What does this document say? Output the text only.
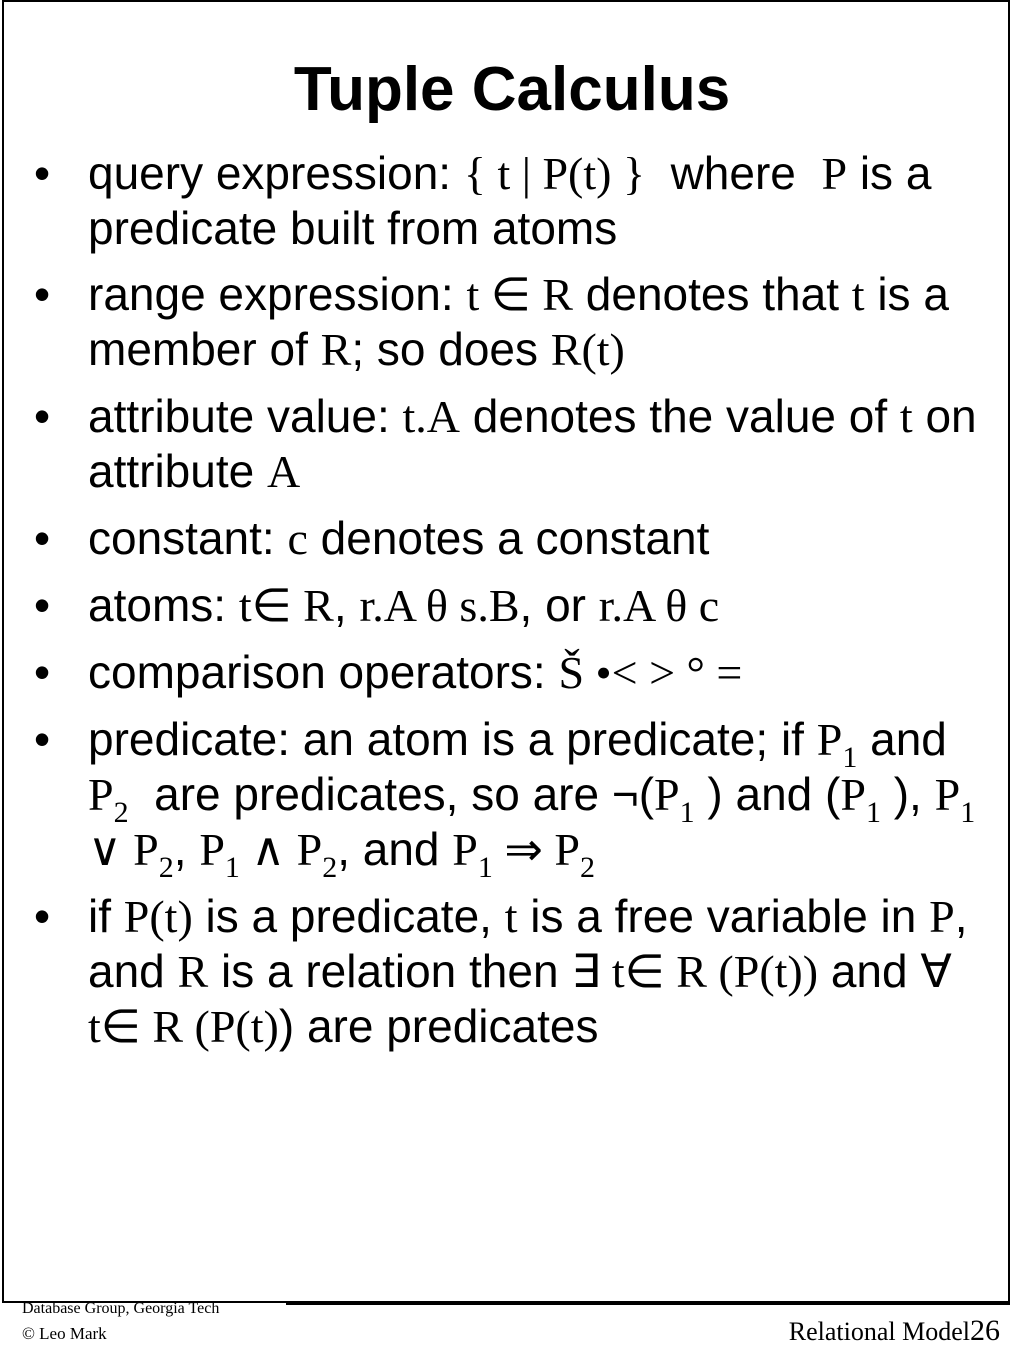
Tuple Calculus
• query expression: { t | P(t) }  where  P is a predicate built from atoms
• range expression: t ∈ R denotes that t is a member of R; so does R(t)
• attribute value: t.A denotes the value of t on attribute A
• constant: c denotes a constant
• atoms: t∈ R, r.A θ s.B, or r.A θ c
• comparison operators: Š •< > ° =
• predicate: an atom is a predicate; if $P_1$ and $P_2$  are predicates, so are $\neg(P_1$ ) and ($P_1$ ), $P_1$ ∨ $P_2$, $P_1$ ∧ $P_2$, and $P_1$ ⇒ $P_2$
• if P(t) is a predicate, t is a free variable in P, and R is a relation then ∃ t∈ R (P(t)) and ∀ t∈ R (P(t)) are predicates
Database Group, Georgia Tech
© Leo Mark	Relational Model26
